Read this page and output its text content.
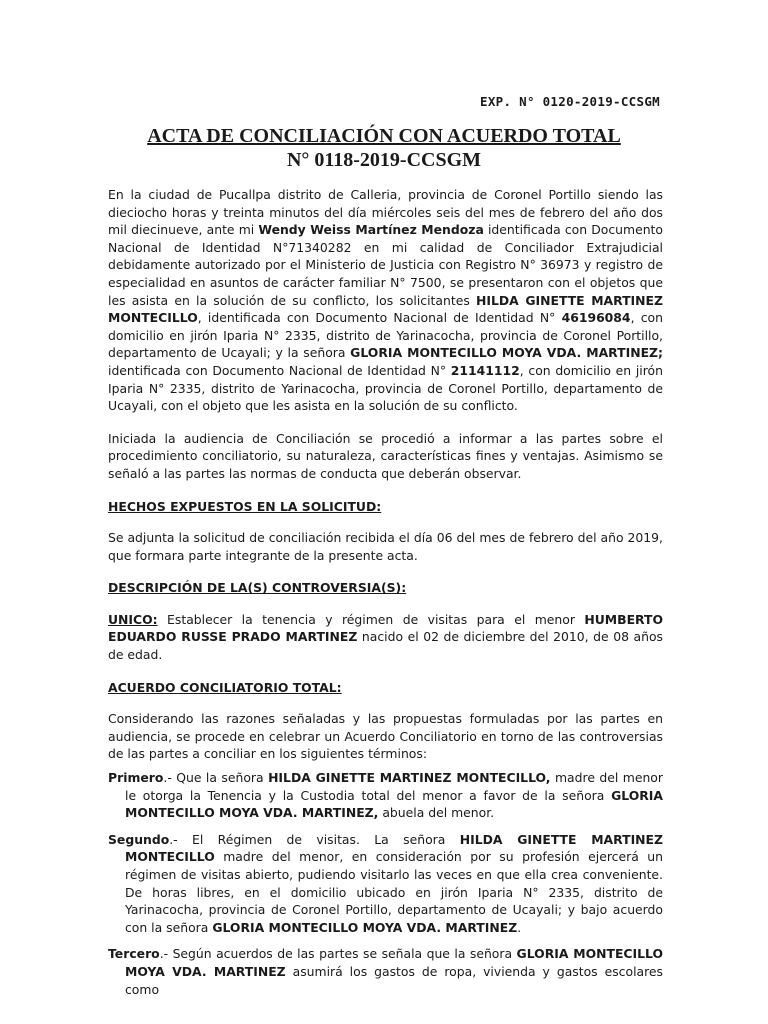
EXP. N° 0120-2019-CCSGM
ACTA DE CONCILIACIÓN CON ACUERDO TOTAL
N° 0118-2019-CCSGM

En la ciudad de Pucallpa distrito de Calleria, provincia de Coronel Portillo siendo las dieciocho horas y treinta minutos del día miércoles seis del mes de febrero del año dos mil diecinueve, ante mi Wendy Weiss Martínez Mendoza identificada con Documento Nacional de Identidad N°71340282 en mi calidad de Conciliador Extrajudicial debidamente autorizado por el Ministerio de Justicia con Registro N° 36973 y registro de especialidad en asuntos de carácter familiar N° 7500, se presentaron con el objetos que les asista en la solución de su conflicto, los solicitantes HILDA GINETTE MARTINEZ MONTECILLO, identificada con Documento Nacional de Identidad N° 46196084, con domicilio en jirón Iparia N° 2335, distrito de Yarinacocha, provincia de Coronel Portillo, departamento de Ucayali; y la señora GLORIA MONTECILLO MOYA VDA. MARTINEZ; identificada con Documento Nacional de Identidad N° 21141112, con domicilio en jirón Iparia N° 2335, distrito de Yarinacocha, provincia de Coronel Portillo, departamento de Ucayali, con el objeto que les asista en la solución de su conflicto.

Iniciada la audiencia de Conciliación se procedió a informar a las partes sobre el procedimiento conciliatorio, su naturaleza, características fines y ventajas. Asimismo se señaló a las partes las normas de conducta que deberán observar.

HECHOS EXPUESTOS EN LA SOLICITUD:

Se adjunta la solicitud de conciliación recibida el día 06 del mes de febrero del año 2019, que formara parte integrante de la presente acta.

DESCRIPCIÓN DE LA(S) CONTROVERSIA(S):

UNICO: Establecer la tenencia y régimen de visitas para el menor HUMBERTO EDUARDO RUSSE PRADO MARTINEZ nacido el 02 de diciembre del 2010, de 08 años de edad.

ACUERDO CONCILIATORIO TOTAL:

Considerando las razones señaladas y las propuestas formuladas por las partes en audiencia, se procede en celebrar un Acuerdo Conciliatorio en torno de las controversias de las partes a conciliar en los siguientes términos:

Primero.- Que la señora HILDA GINETTE MARTINEZ MONTECILLO, madre del menor le otorga la Tenencia y la Custodia total del menor a favor de la señora GLORIA MONTECILLO MOYA VDA. MARTINEZ, abuela del menor.

Segundo.- El Régimen de visitas. La señora HILDA GINETTE MARTINEZ MONTECILLO madre del menor, en consideración por su profesión ejercerá un régimen de visitas abierto, pudiendo visitarlo las veces en que ella crea conveniente. De horas libres, en el domicilio ubicado en jirón Iparia N° 2335, distrito de Yarinacocha, provincia de Coronel Portillo, departamento de Ucayali; y bajo acuerdo con la señora GLORIA MONTECILLO MOYA VDA. MARTINEZ.

Tercero.- Según acuerdos de las partes se señala que la señora GLORIA MONTECILLO MOYA VDA. MARTINEZ asumirá los gastos de ropa, vivienda y gastos escolares como
